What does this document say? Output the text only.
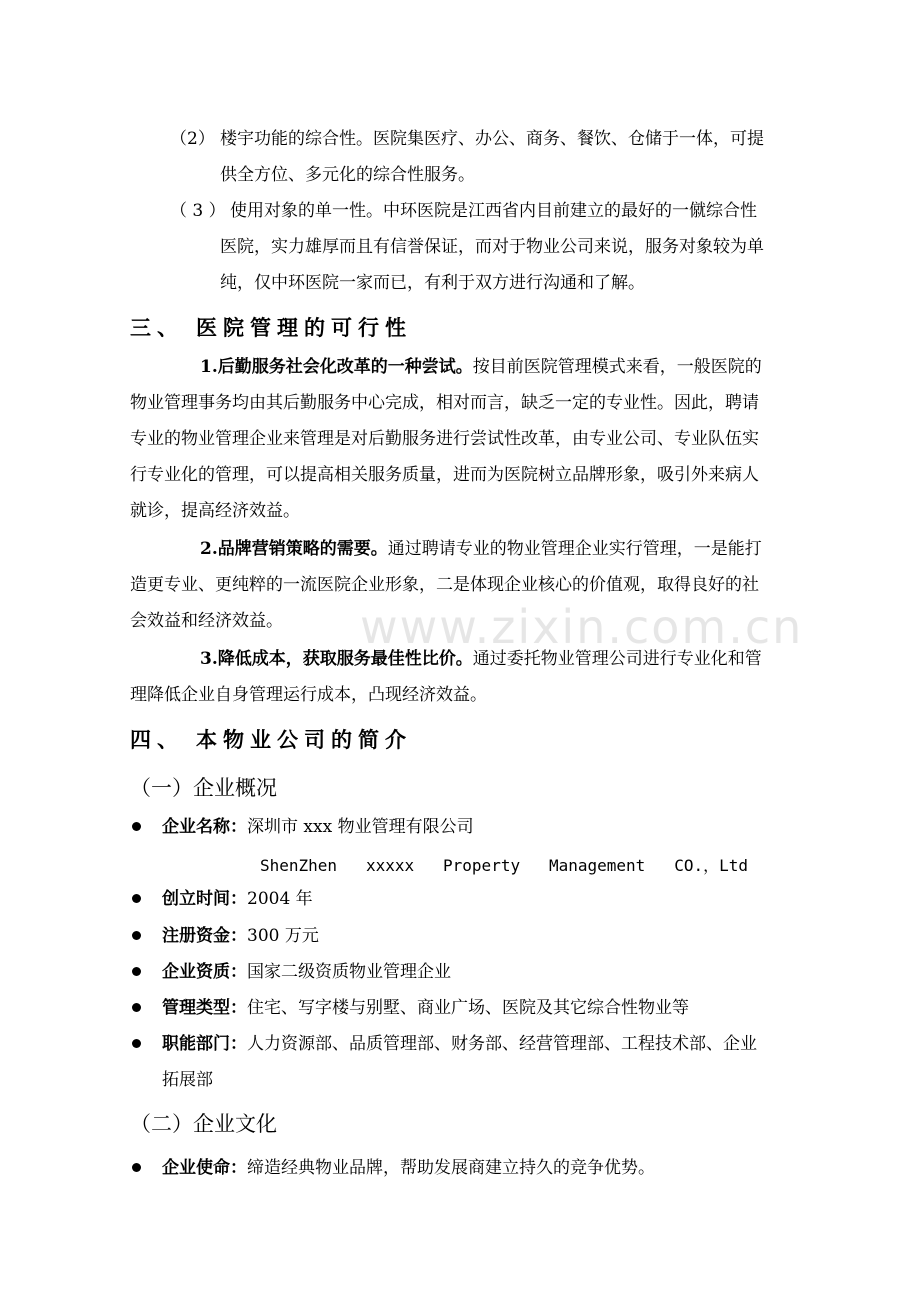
www.zixin.com.cn
（2） 楼宇功能的综合性。医院集医疗、办公、商务、餐饮、仓储于一体，可提
供全方位、多元化的综合性服务。
（ 3 ） 使用对象的单一性。中环医院是江西省内目前建立的最好的一僦综合性
医院，实力雄厚而且有信誉保证，而对于物业公司来说，服务对象较为单
纯，仅中环医院一家而已，有利于双方进行沟通和了解。
三、 医院管理的可行性
1.后勤服务社会化改革的一种尝试。按目前医院管理模式来看，一般医院的
物业管理事务均由其后勤服务中心完成，相对而言，缺乏一定的专业性。因此，聘请
专业的物业管理企业来管理是对后勤服务进行尝试性改革，由专业公司、专业队伍实
行专业化的管理，可以提高相关服务质量，进而为医院树立品牌形象，吸引外来病人
就诊，提高经济效益。
2.品牌营销策略的需要。通过聘请专业的物业管理企业实行管理，一是能打
造更专业、更纯粹的一流医院企业形象，二是体现企业核心的价值观，取得良好的社
会效益和经济效益。
3.降低成本，获取服务最佳性比价。通过委托物业管理公司进行专业化和管
理降低企业自身管理运行成本，凸现经济效益。
四、 本物业公司的简介
（一）企业概况
企业名称：深圳市 xxx 物业管理有限公司
ShenZhen   xxxxx   Property   Management   CO.，Ltd
创立时间：2004 年
注册资金：300 万元
企业资质：国家二级资质物业管理企业
管理类型：住宅、写字楼与别墅、商业广场、医院及其它综合性物业等
职能部门：人力资源部、品质管理部、财务部、经营管理部、工程技术部、企业
拓展部
（二）企业文化
企业使命：缔造经典物业品牌，帮助发展商建立持久的竞争优势。
